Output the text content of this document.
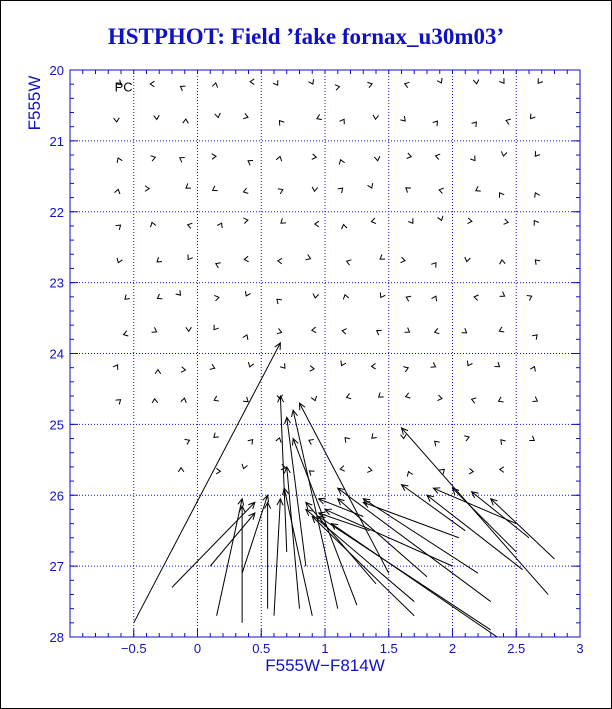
HSTPHOT: Field ’fake fornax_u30m03’
−0.5	0	0.5	1	1.5	2	2.5	3
20
21
22
23
24
25
26
27
28
F555W−F814W
F555W	PC
